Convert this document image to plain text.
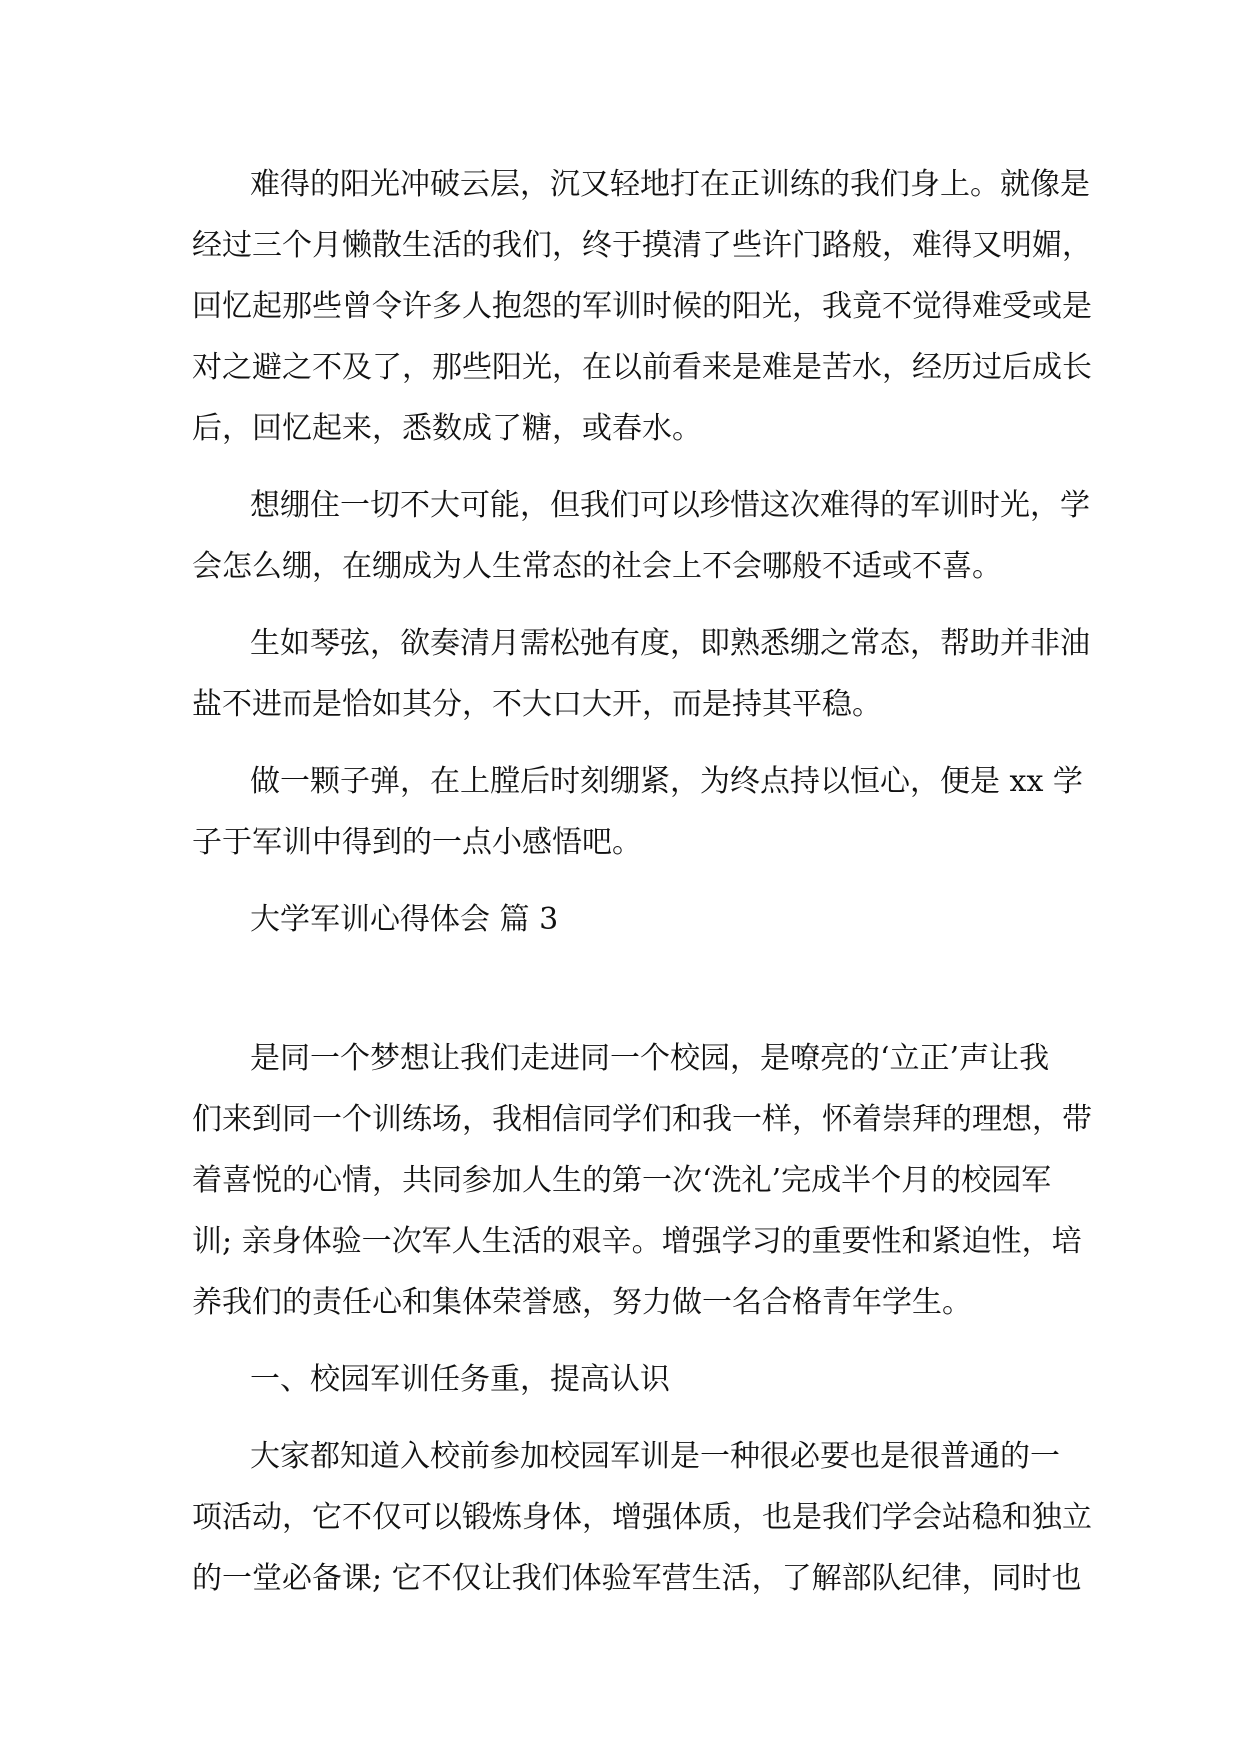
难得的阳光冲破云层，沉又轻地打在正训练的我们身上。就像是
经过三个月懒散生活的我们，终于摸清了些许门路般，难得又明媚，
回忆起那些曾令许多人抱怨的军训时候的阳光，我竟不觉得难受或是
对之避之不及了，那些阳光，在以前看来是难是苦水，经历过后成长
后，回忆起来，悉数成了糖，或春水。
想绷住一切不大可能，但我们可以珍惜这次难得的军训时光，学
会怎么绷，在绷成为人生常态的社会上不会哪般不适或不喜。
生如琴弦，欲奏清月需松弛有度，即熟悉绷之常态，帮助并非油
盐不进而是恰如其分，不大口大开，而是持其平稳。
做一颗子弹，在上膛后时刻绷紧，为终点持以恒心，便是 xx 学
子于军训中得到的一点小感悟吧。
大学军训心得体会 篇 3
是同一个梦想让我们走进同一个校园，是嘹亮的‘立正’声让我
们来到同一个训练场，我相信同学们和我一样，怀着崇拜的理想，带
着喜悦的心情，共同参加人生的第一次‘洗礼’完成半个月的校园军
训; 亲身体验一次军人生活的艰辛。增强学习的重要性和紧迫性，培
养我们的责任心和集体荣誉感，努力做一名合格青年学生。
一、校园军训任务重，提高认识
大家都知道入校前参加校园军训是一种很必要也是很普通的一
项活动，它不仅可以锻炼身体，增强体质，也是我们学会站稳和独立
的一堂必备课; 它不仅让我们体验军营生活，了解部队纪律，同时也
